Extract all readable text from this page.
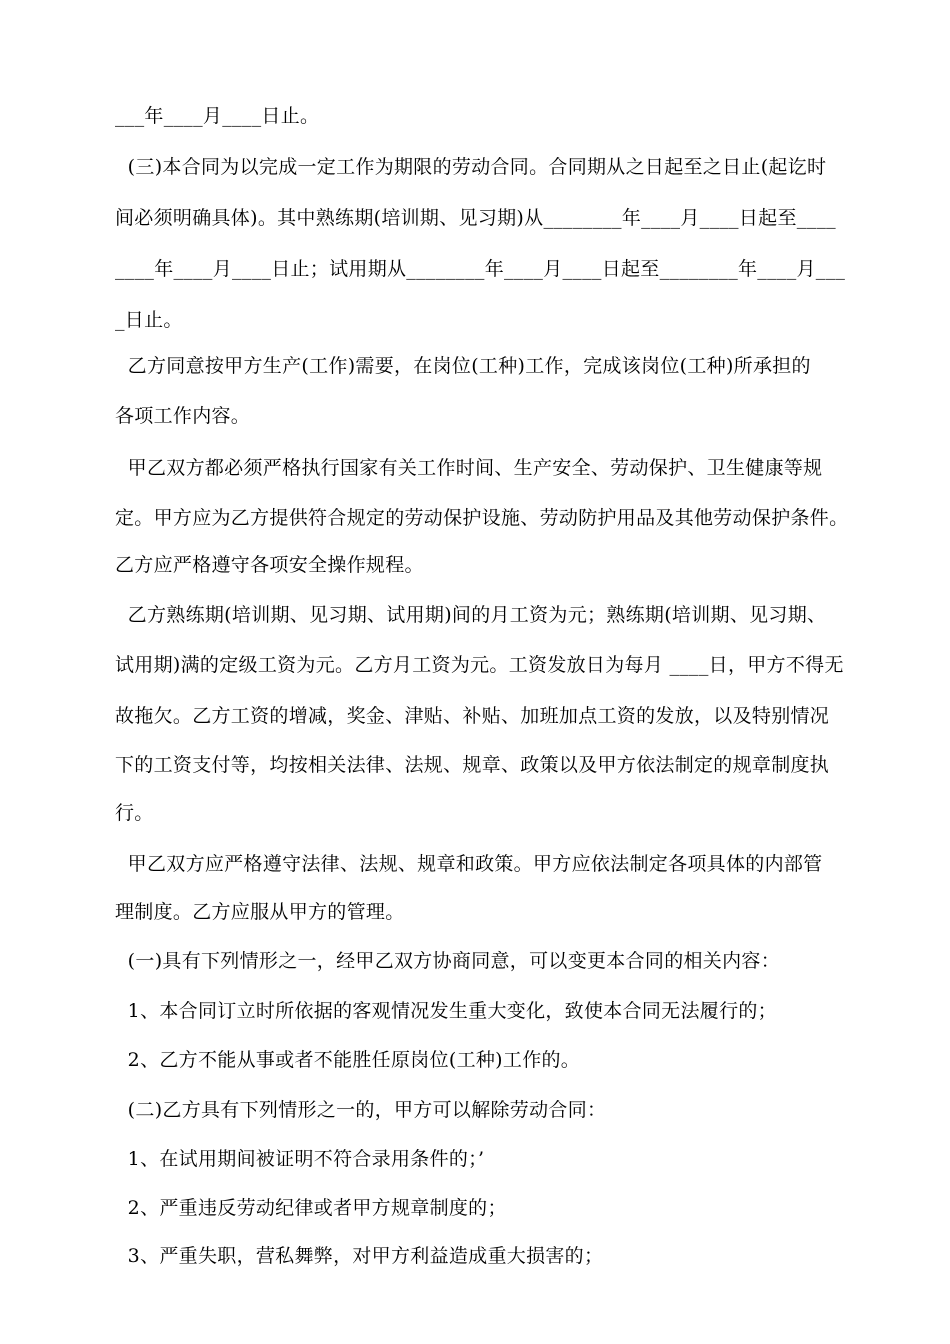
___年____月____日止。
(三)本合同为以完成一定工作为期限的劳动合同。合同期从之日起至之日止(起讫时
间必须明确具体)。其中熟练期(培训期、见习期)从________年____月____日起至____
____年____月____日止；试用期从________年____月____日起至________年____月___
_日止。
乙方同意按甲方生产(工作)需要，在岗位(工种)工作，完成该岗位(工种)所承担的
各项工作内容。
甲乙双方都必须严格执行国家有关工作时间、生产安全、劳动保护、卫生健康等规
定。甲方应为乙方提供符合规定的劳动保护设施、劳动防护用品及其他劳动保护条件。
乙方应严格遵守各项安全操作规程。
乙方熟练期(培训期、见习期、试用期)间的月工资为元；熟练期(培训期、见习期、
试用期)满的定级工资为元。乙方月工资为元。工资发放日为每月 ____日，甲方不得无
故拖欠。乙方工资的增减，奖金、津贴、补贴、加班加点工资的发放，以及特别情况
下的工资支付等，均按相关法律、法规、规章、政策以及甲方依法制定的规章制度执
行。
甲乙双方应严格遵守法律、法规、规章和政策。甲方应依法制定各项具体的内部管
理制度。乙方应服从甲方的管理。
(一)具有下列情形之一，经甲乙双方协商同意，可以变更本合同的相关内容：
1、本合同订立时所依据的客观情况发生重大变化，致使本合同无法履行的；
2、乙方不能从事或者不能胜任原岗位(工种)工作的。
(二)乙方具有下列情形之一的，甲方可以解除劳动合同：
1、在试用期间被证明不符合录用条件的；’
2、严重违反劳动纪律或者甲方规章制度的；
3、严重失职，营私舞弊，对甲方利益造成重大损害的；
